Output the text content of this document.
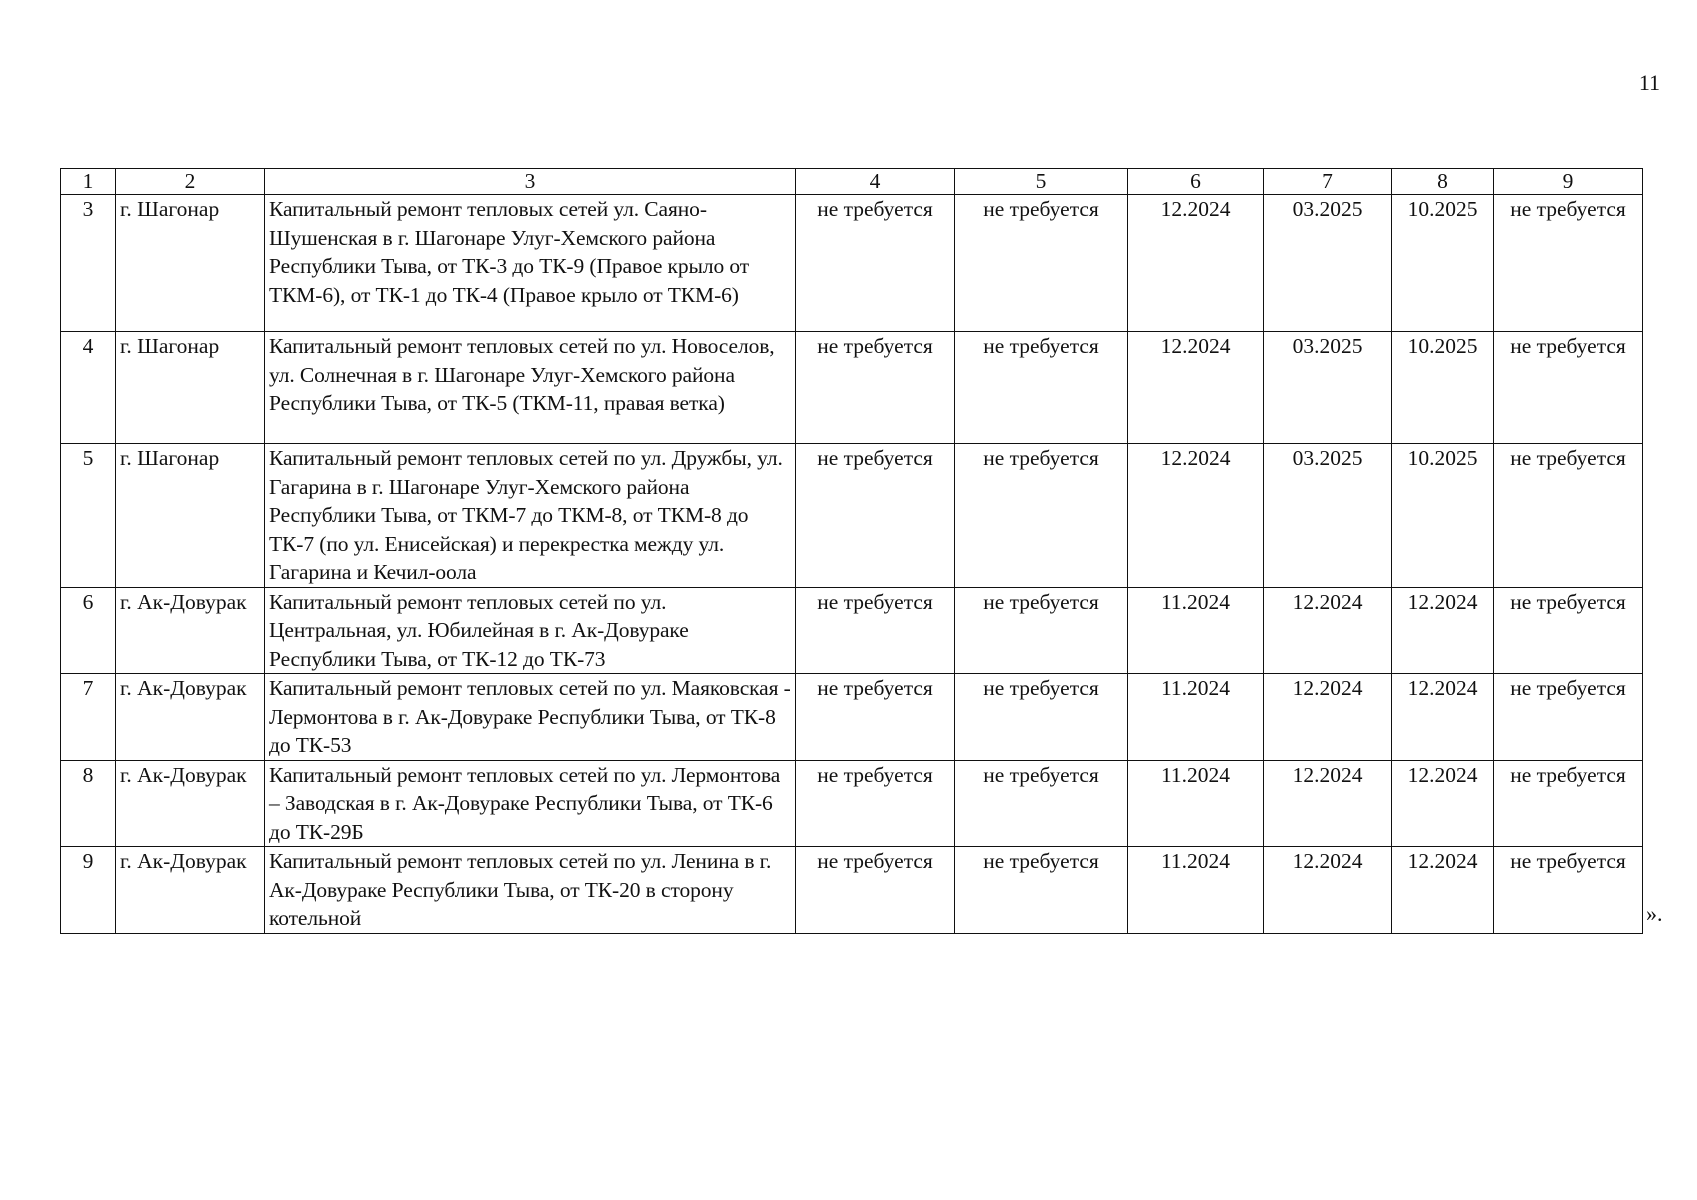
11
1	2	3	4	5	6	7	8	9
3	г. Шагонар	Капитальный ремонт тепловых сетей ул. Саяно-Шушенская в г. Шагонаре Улуг-Хемского района Республики Тыва, от ТК-3 до ТК-9 (Правое крыло от ТКМ-6), от ТК-1 до ТК-4 (Правое крыло от ТКМ-6)	не требуется	не требуется	12.2024	03.2025	10.2025	не требуется
4	г. Шагонар	Капитальный ремонт тепловых сетей по ул. Новоселов, ул. Солнечная в г. Шагонаре Улуг-Хемского района Республики Тыва, от ТК-5 (ТКМ-11, правая ветка)	не требуется	не требуется	12.2024	03.2025	10.2025	не требуется
5	г. Шагонар	Капитальный ремонт тепловых сетей по ул. Дружбы, ул. Гагарина в г. Шагонаре Улуг-Хемского района Республики Тыва, от ТКМ-7 до ТКМ-8, от ТКМ-8 до ТК-7 (по ул. Енисейская) и перекрестка между ул. Гагарина и Кечил-оола	не требуется	не требуется	12.2024	03.2025	10.2025	не требуется
6	г. Ак-Довурак	Капитальный ремонт тепловых сетей по ул. Центральная, ул. Юбилейная в г. Ак-Довураке Республики Тыва, от ТК-12 до ТК-73	не требуется	не требуется	11.2024	12.2024	12.2024	не требуется
7	г. Ак-Довурак	Капитальный ремонт тепловых сетей по ул. Маяковская - Лермонтова в г. Ак-Довураке Республики Тыва, от ТК-8 до ТК-53	не требуется	не требуется	11.2024	12.2024	12.2024	не требуется
8	г. Ак-Довурак	Капитальный ремонт тепловых сетей по ул. Лермонтова – Заводская в г. Ак-Довураке Республики Тыва, от ТК-6 до ТК-29Б	не требуется	не требуется	11.2024	12.2024	12.2024	не требуется
9	г. Ак-Довурак	Капитальный ремонт тепловых сетей по ул. Ленина в г. Ак-Довураке Республики Тыва, от ТК-20 в сторону котельной	не требуется	не требуется	11.2024	12.2024	12.2024	не требуется
».
